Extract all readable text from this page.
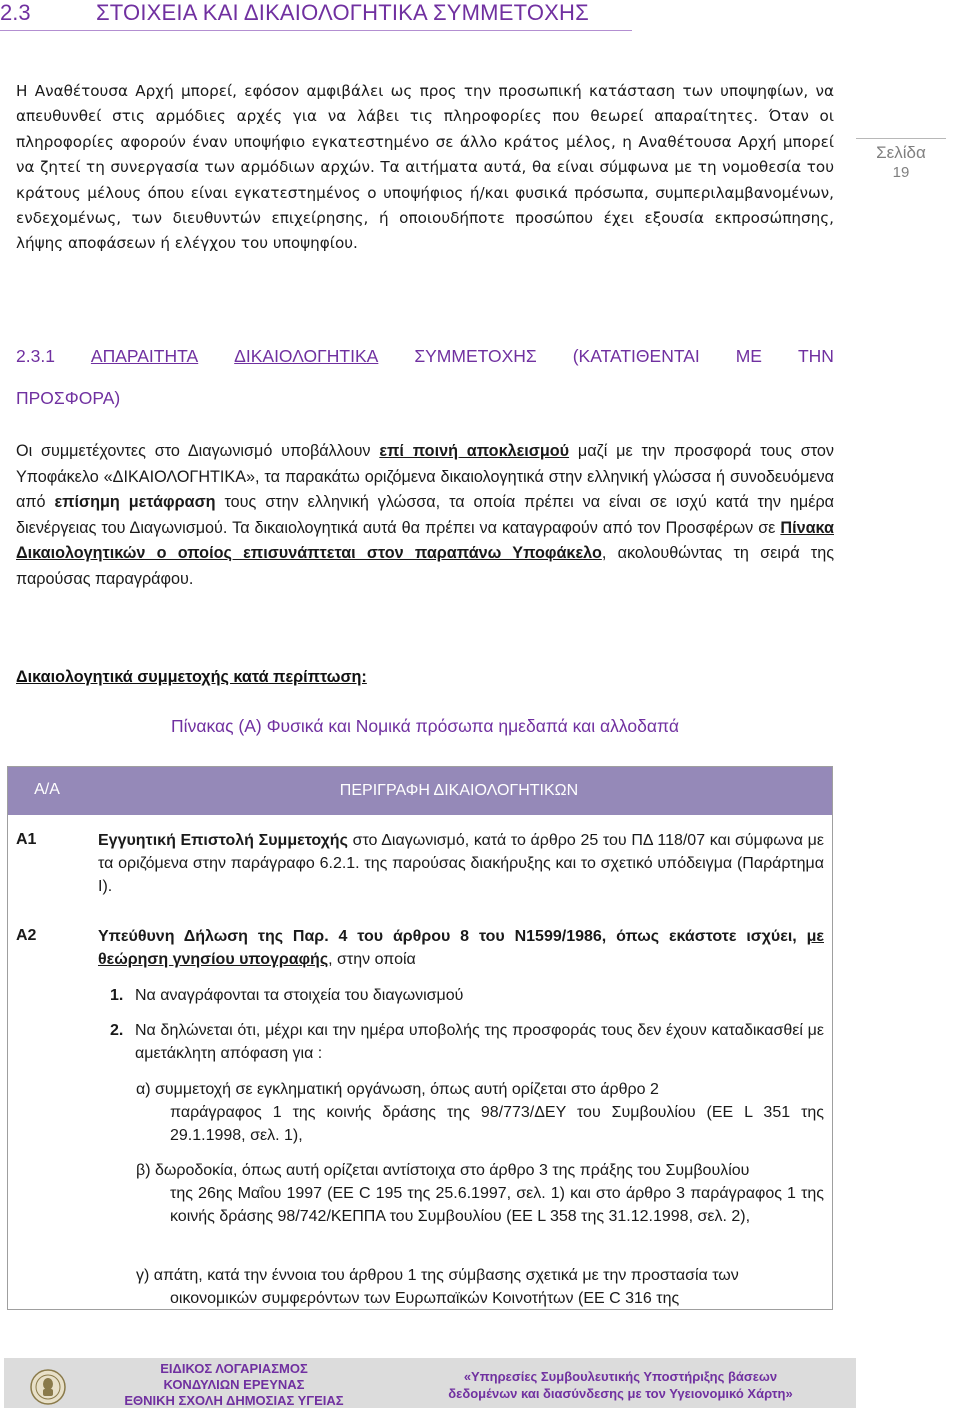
2.3	ΣΤΟΙΧΕΙΑ ΚΑΙ ΔΙΚΑΙΟΛΟΓΗΤΙΚΑ ΣΥΜΜΕΤΟΧΗΣ
Η Αναθέτουσα Αρχή μπορεί, εφόσον αμφιβάλει ως προς την προσωπική κατάσταση των υποψηφίων, να απευθυνθεί στις αρμόδιες αρχές για να λάβει τις πληροφορίες που θεωρεί απαραίτητες. Όταν οι πληροφορίες αφορούν έναν υποψήφιο εγκατεστημένο σε άλλο κράτος μέλος, η Αναθέτουσα Αρχή μπορεί να ζητεί τη συνεργασία των αρμόδιων αρχών. Τα αιτήματα αυτά, θα είναι σύμφωνα με τη νομοθεσία του κράτους μέλους όπου είναι εγκατεστημένος ο υποψήφιος ή/και φυσικά πρόσωπα, συμπεριλαμβανομένων, ενδεχομένως, των διευθυντών επιχείρησης, ή οποιουδήποτε προσώπου έχει εξουσία εκπροσώπησης, λήψης αποφάσεων ή ελέγχου του υποψηφίου.
Σελίδα
19
2.3.1 ΑΠΑΡΑΙΤΗΤΑ ΔΙΚΑΙΟΛΟΓΗΤΙΚΑ ΣΥΜΜΕΤΟΧΗΣ (ΚΑΤΑΤΙΘΕΝΤΑΙ ΜΕ ΤΗΝ
ΠΡΟΣΦΟΡΑ)
Οι συμμετέχοντες στο Διαγωνισμό υποβάλλουν επί ποινή αποκλεισμού μαζί με την προσφορά τους στον Υποφάκελο «ΔΙΚΑΙΟΛΟΓΗΤΙΚΑ», τα παρακάτω οριζόμενα δικαιολογητικά στην ελληνική γλώσσα ή συνοδευόμενα από επίσημη μετάφραση τους στην ελληνική γλώσσα, τα οποία πρέπει να είναι σε ισχύ κατά την ημέρα διενέργειας του Διαγωνισμού. Τα δικαιολογητικά αυτά θα πρέπει να καταγραφούν από τον Προσφέρων σε Πίνακα Δικαιολογητικών ο οποίος επισυνάπτεται στον παραπάνω Υποφάκελο, ακολουθώντας τη σειρά της παρούσας παραγράφου.
Δικαιολογητικά συμμετοχής κατά περίπτωση:
Πίνακας (Α) Φυσικά και Νομικά πρόσωπα ημεδαπά και αλλοδαπά
Α/Α	ΠΕΡΙΓΡΑΦΗ ΔΙΚΑΙΟΛΟΓΗΤΙΚΩΝ
Α1	Εγγυητική Επιστολή Συμμετοχής στο Διαγωνισμό, κατά το άρθρο 25 του ΠΔ 118/07 και σύμφωνα με τα οριζόμενα στην παράγραφο 6.2.1. της παρούσας διακήρυξης και το σχετικό υπόδειγμα (Παράρτημα Ι).
Α2	Υπεύθυνη Δήλωση της Παρ. 4 του άρθρου 8 του Ν1599/1986, όπως εκάστοτε ισχύει, με θεώρηση γνησίου υπογραφής, στην οποία
1. Να αναγράφονται τα στοιχεία του διαγωνισμού
2. Να δηλώνεται ότι, μέχρι και την ημέρα υποβολής της προσφοράς τους δεν έχουν καταδικασθεί με αμετάκλητη απόφαση για :
α) συμμετοχή σε εγκληματική οργάνωση, όπως αυτή ορίζεται στο άρθρο 2
παράγραφος 1 της κοινής δράσης της 98/773/ΔΕΥ του Συμβουλίου (ΕΕ L 351 της 29.1.1998, σελ. 1),
β) δωροδοκία, όπως αυτή ορίζεται αντίστοιχα στο άρθρο 3 της πράξης του Συμβουλίου
της 26ης Μαΐου 1997 (ΕΕ C 195 της 25.6.1997, σελ. 1) και στο άρθρο 3 παράγραφος 1 της κοινής δράσης 98/742/ΚΕΠΠΑ του Συμβουλίου (ΕΕ L 358 της 31.12.1998, σελ. 2),
γ) απάτη, κατά την έννοια του άρθρου 1 της σύμβασης σχετικά με την προστασία των
οικονομικών συμφερόντων των Ευρωπαϊκών Κοινοτήτων (ΕΕ C 316 της
ΕΙΔΙΚΟΣ ΛΟΓΑΡΙΑΣΜΟΣ
ΚΟΝΔΥΛΙΩΝ ΕΡΕΥΝΑΣ
ΕΘΝΙΚΗ ΣΧΟΛΗ ΔΗΜΟΣΙΑΣ ΥΓΕΙΑΣ
«Υπηρεσίες Συμβουλευτικής Υποστήριξης βάσεων
δεδομένων και διασύνδεσης με τον Υγειονομικό Χάρτη»
